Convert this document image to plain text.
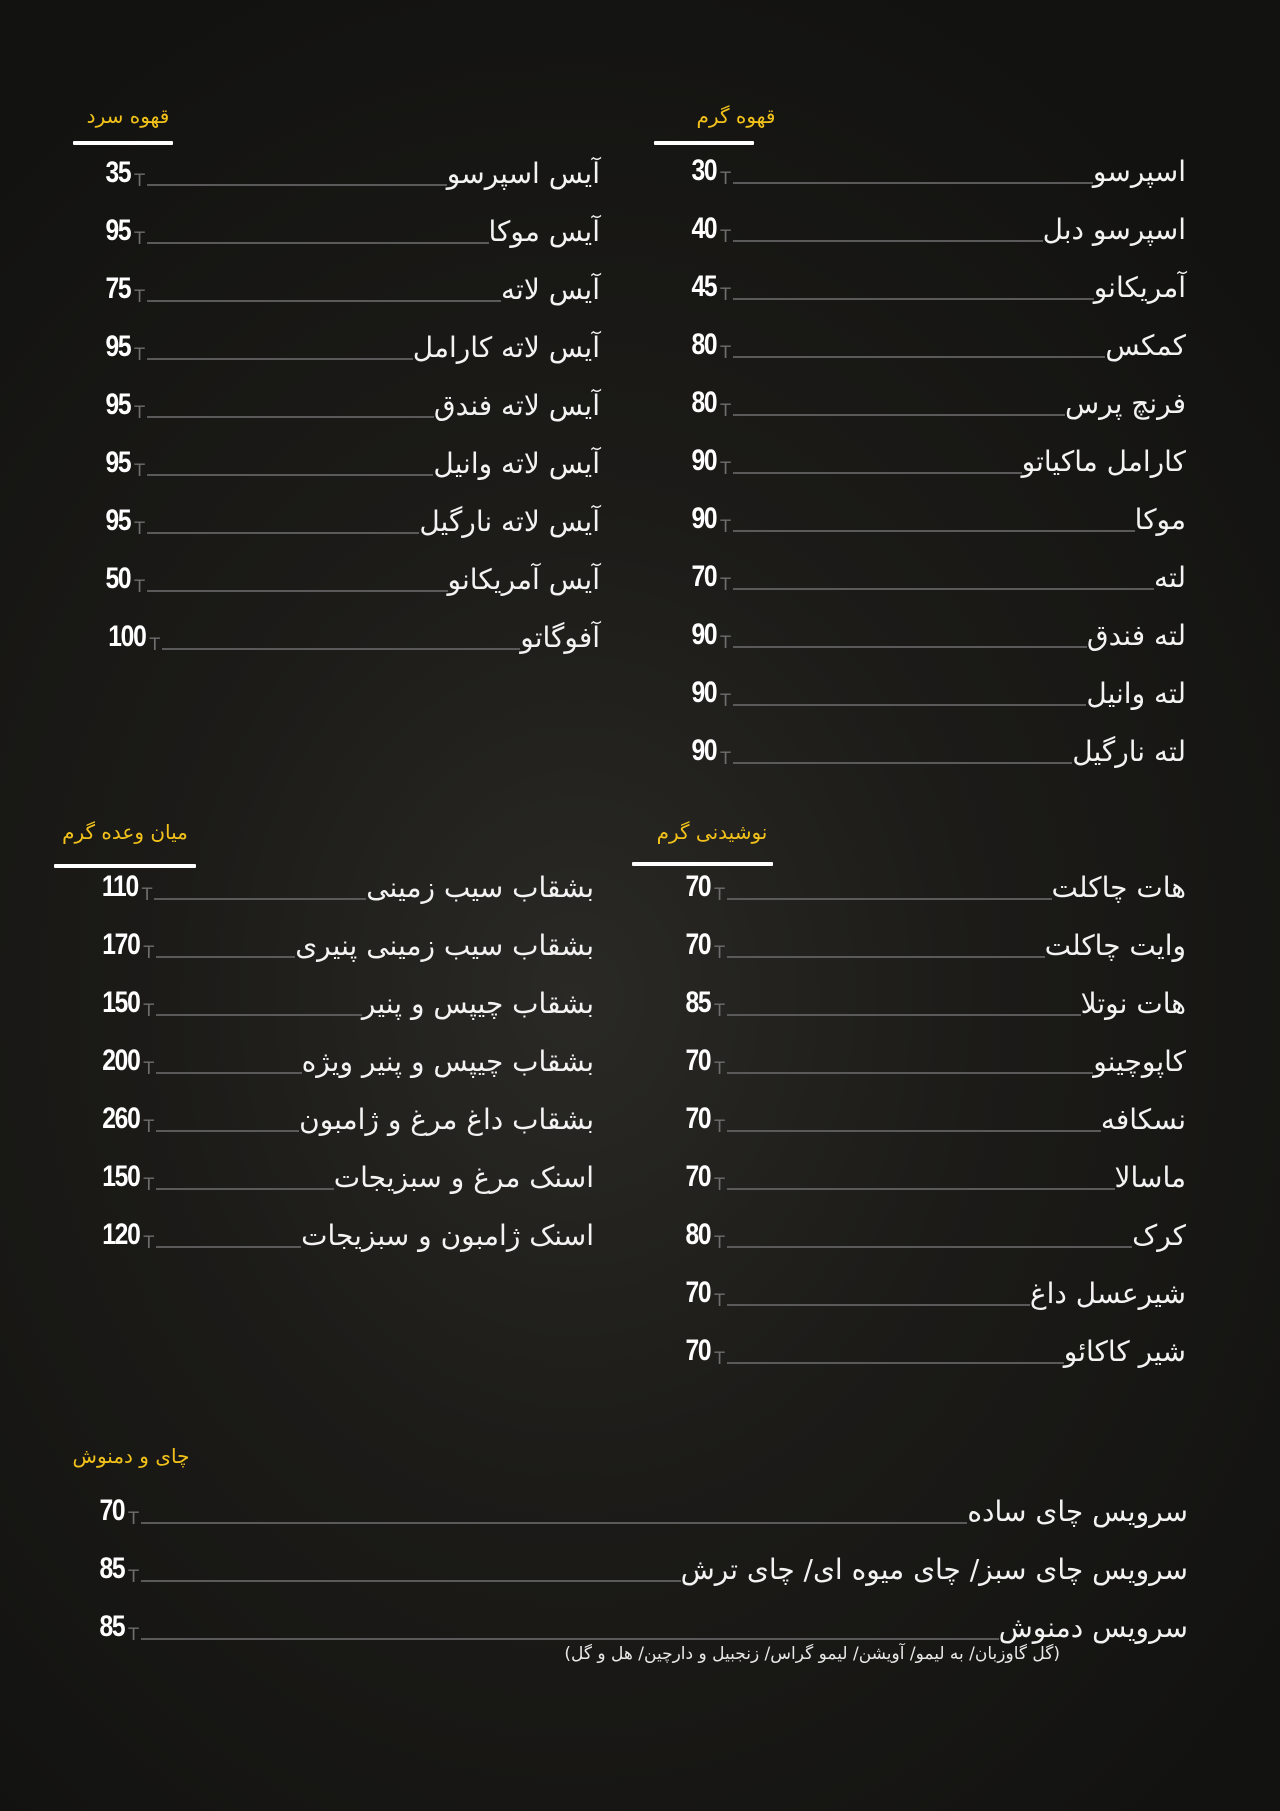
قهوه گرم
30 T	اسپرسو
40 T	اسپرسو دبل
45 T	آمریکانو
80 T	کمکس
80 T	فرنچ پرس
90 T	کارامل ماکیاتو
90 T	موکا
70 T	لته
90 T	لته فندق
90 T	لته وانیل
90 T	لته نارگیل
قهوه سرد
35 T	آیس اسپرسو
95 T	آیس موکا
75 T	آیس لاته
95 T	آیس لاته کارامل
95 T	آیس لاته فندق
95 T	آیس لاته وانیل
95 T	آیس لاته نارگیل
50 T	آیس آمریکانو
100 T	آفوگاتو
نوشیدنی گرم
70 T	هات چاکلت
70 T	وایت چاکلت
85 T	هات نوتلا
70 T	کاپوچینو
70 T	نسکافه
70 T	ماسالا
80 T	کرک
70 T	شیرعسل داغ
70 T	شیر کاکائو
میان وعده گرم
110 T	بشقاب سیب زمینی
170 T	بشقاب سیب زمینی پنیری
150 T	بشقاب چیپس و پنیر
200 T	بشقاب چیپس و پنیر ویژه
260 T	بشقاب داغ مرغ و ژامبون
150 T	اسنک مرغ و سبزیجات
120 T	اسنک ژامبون و سبزیجات
چای و دمنوش
70 T	سرویس چای ساده
85 T	سرویس چای سبز/ چای میوه ای/ چای ترش
85 T	سرویس دمنوش
(گل گاوزبان/ به لیمو/ آویشن/ لیمو گراس/ زنجبیل و دارچین/ هل و گل)
